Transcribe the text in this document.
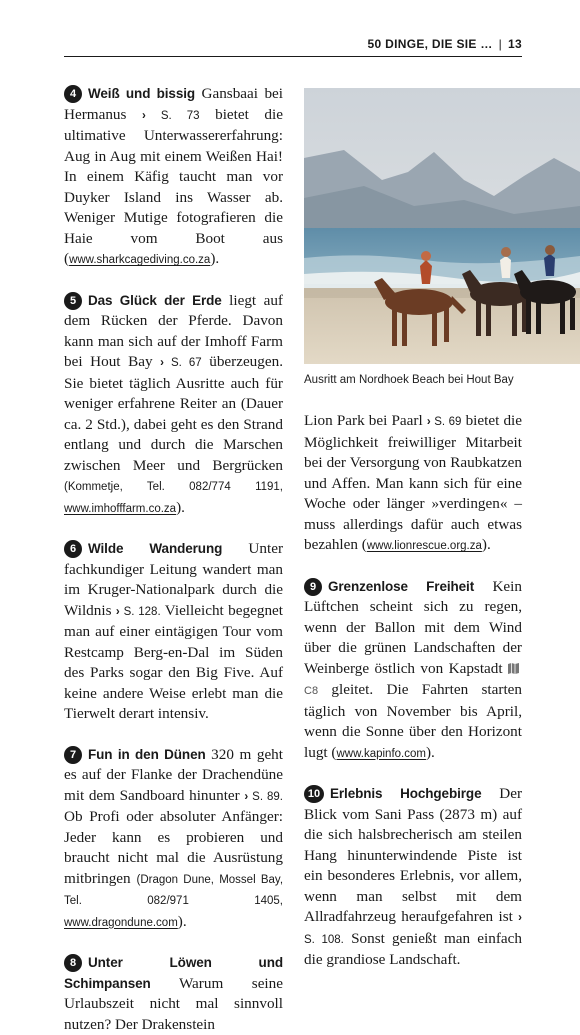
50 DINGE, DIE SIE … | 13

4 Weiß und bissig Gansbaai bei Hermanus › S. 73 bietet die ultimative Unterwassererfahrung: Aug in Aug mit einem Weißen Hai! In einem Käfig taucht man vor Duyker Island ins Wasser ab. Weniger Mutige fotografieren die Haie vom Boot aus (www.sharkcagediving.co.za).

5 Das Glück der Erde liegt auf dem Rücken der Pferde. Davon kann man sich auf der Imhoff Farm bei Hout Bay › S. 67 überzeugen. Sie bietet täglich Ausritte auch für weniger erfahrene Reiter an (Dauer ca. 2 Std.), dabei geht es den Strand entlang und durch die Marschen zwischen Meer und Bergrücken (Kommetje, Tel. 082/774 1191, www.imhofffarm.co.za).

6 Wilde Wanderung Unter fachkundiger Leitung wandert man im Kruger-Nationalpark durch die Wildnis › S. 128. Vielleicht begegnet man auf einer eintägigen Tour vom Restcamp Berg-en-Dal im Süden des Parks sogar den Big Five. Auf keine andere Weise erlebt man die Tierwelt derart intensiv.

7 Fun in den Dünen 320 m geht es auf der Flanke der Drachendüne mit dem Sandboard hinunter › S. 89. Ob Profi oder absoluter Anfänger: Jeder kann es probieren und braucht nicht mal die Ausrüstung mitbringen (Dragon Dune, Mossel Bay, Tel. 082/971 1405, www.dragondune.com).

8 Unter Löwen und Schimpansen Warum seine Urlaubszeit nicht mal sinnvoll nutzen? Der Drakenstein

Ausritt am Nordhoek Beach bei Hout Bay

Lion Park bei Paarl › S. 69 bietet die Möglichkeit freiwilliger Mitarbeit bei der Versorgung von Raubkatzen und Affen. Man kann sich für eine Woche oder länger »verdingen« – muss allerdings dafür auch etwas bezahlen (www.lionrescue.org.za).

9 Grenzenlose Freiheit Kein Lüftchen scheint sich zu regen, wenn der Ballon mit dem Wind über die grünen Landschaften der Weinberge östlich von Kapstadt C8 gleitet. Die Fahrten starten täglich von November bis April, wenn die Sonne über den Horizont lugt (www.kapinfo.com).

10 Erlebnis Hochgebirge Der Blick vom Sani Pass (2873 m) auf die sich halsbrecherisch am steilen Hang hinunterwindende Piste ist ein besonderes Erlebnis, vor allem, wenn man selbst mit dem Allradfahrzeug heraufgefahren ist › S. 108. Sonst genießt man einfach die grandiose Landschaft.
